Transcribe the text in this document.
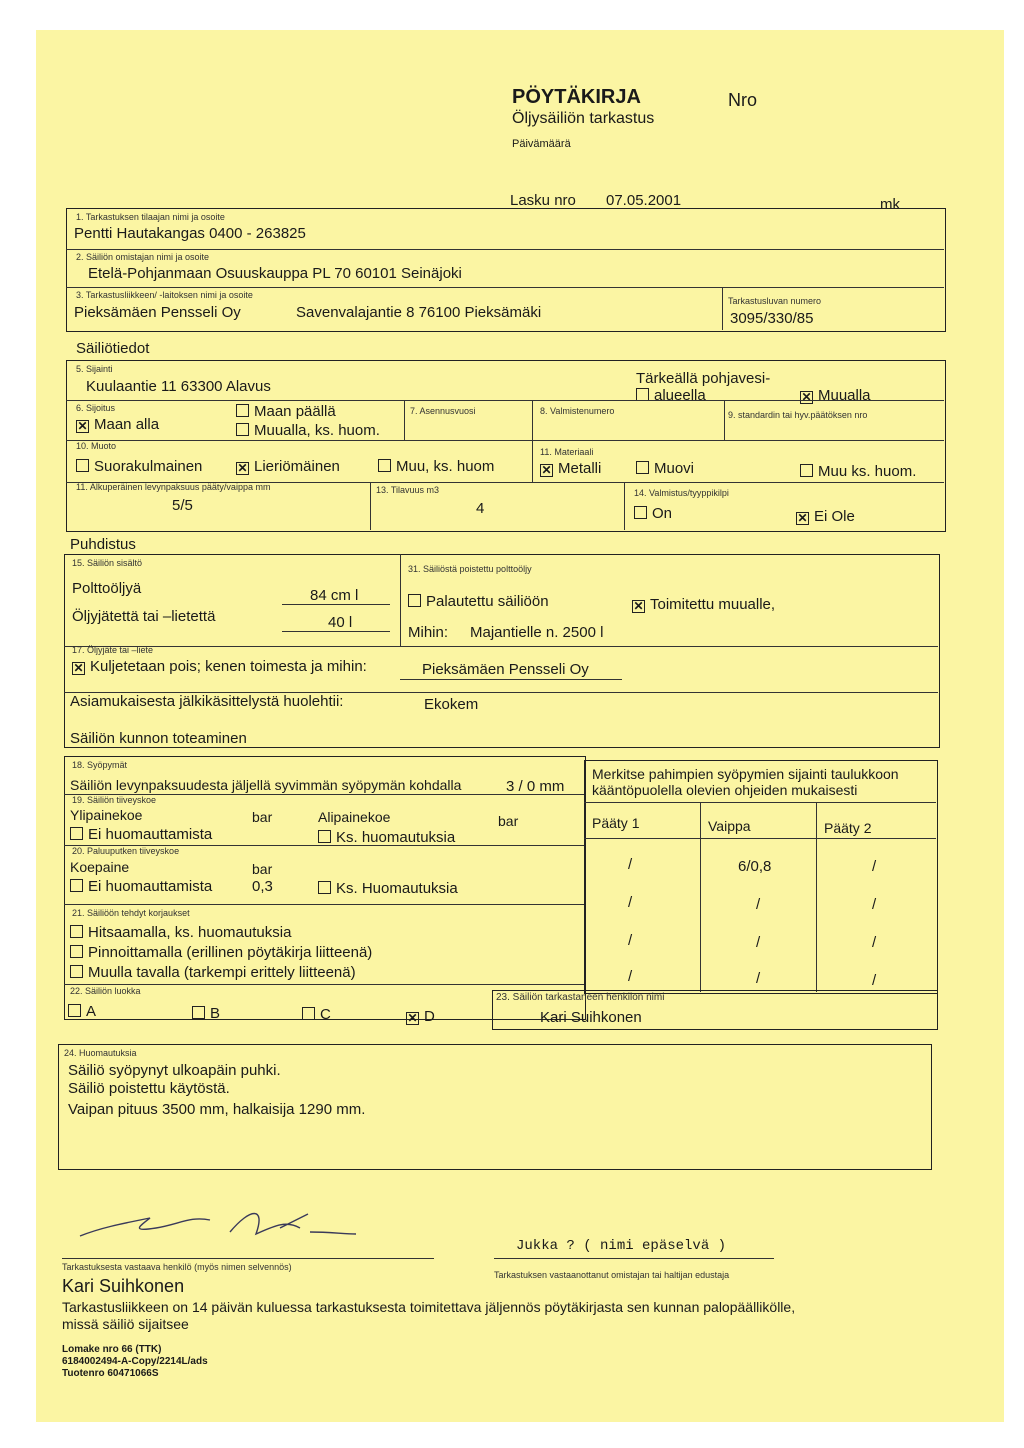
PÖYTÄKIRJA
Öljysäiliön tarkastus
Nro
Päivämäärä
Lasku nro 07.05.2001	mk
1. Tarkastuksen tilaajan nimi ja osoite
Pentti Hautakangas 0400 - 263825
2. Säiliön omistajan nimi ja osoite
Etelä-Pohjanmaan Osuuskauppa PL 70 60101 Seinäjoki
3. Tarkastusliikkeen/ -laitoksen nimi ja osoite
Pieksämäen Pensseli Oy	Savenvalajantie 8 76100 Pieksämäki
Tarkastusluvan numero
3095/330/85
Säiliötiedot
5. Sijainti
Kuulaantie 11 63300 Alavus	Tärkeällä pohjavesi-
alueella	✕ Muualla
6. Sijoitus
✕ Maan alla
Maan päällä
Muualla, ks. huom.
7. Asennusvuosi	8. Valmistenumero	9. standardin tai hyv.päätöksen nro
10. Muoto
Suorakulmainen	✕ Lieriömäinen	Muu, ks. huom
11. Materiaali
✕ Metalli	Muovi	Muu ks. huom.
11. Alkuperäinen levynpaksuus pääty/vaippa mm
5/5
13. Tilavuus m3
4
14. Valmistus/tyyppikilpi
On	✕ Ei Ole
Puhdistus
15. Säiliön sisältö
Polttoöljyä	84 cm l
Öljyjätettä tai –lietettä	40 l
31. Säiliöstä poistettu polttoöljy
Palautettu säiliöön	✕ Toimitettu muualle,
Mihin: Majantielle n. 2500 l
17. Öljyjäte tai –liete
✕ Kuljetetaan pois; kenen toimesta ja mihin:	Pieksämäen Pensseli Oy
Asiamukaisesta jälkikäsittelystä huolehtii:	Ekokem
Säiliön kunnon toteaminen
18. Syöpymät
Säiliön levynpaksuudesta jäljellä syvimmän syöpymän kohdalla	3 / 0 mm
19. Säiliön tiiveyskoe
Ylipainekoe	bar	Alipainekoe	bar
Ei huomauttamista	Ks. huomautuksia
20. Paluuputken tiiveyskoe
Koepaine	bar
Ei huomauttamista	0,3	Ks. Huomautuksia
21. Säiliöön tehdyt korjaukset
Hitsaamalla, ks. huomautuksia
Pinnoittamalla (erillinen pöytäkirja liitteenä)
Muulla tavalla (tarkempi erittely liitteenä)
22. Säiliön luokka
A	B	C	✕ D
Merkitse pahimpien syöpymien sijainti taulukkoon kääntöpuolella olevien ohjeiden mukaisesti
Pääty 1	Vaippa	Pääty 2
/	6/0,8	/
/	/	/
/	/	/
/	/	/
23. Säiliön tarkastaneen henkilön nimi
Kari Suihkonen
24. Huomautuksia
Säiliö syöpynyt ulkoapäin puhki.
Säiliö poistettu käytöstä.
Vaipan pituus 3500 mm, halkaisija 1290 mm.
Tarkastuksesta vastaava henkilö (myös nimen selvennös)
Kari Suihkonen
Jukka ? ( nimi epäselvä )
Tarkastuksen vastaanottanut omistajan tai haltijan edustaja
Tarkastusliikkeen on 14 päivän kuluessa tarkastuksesta toimitettava jäljennös pöytäkirjasta sen kunnan palopäällikölle,
missä säiliö sijaitsee
Lomake nro 66 (TTK)
6184002494-A-Copy/2214L/ads
Tuotenro 60471066S
